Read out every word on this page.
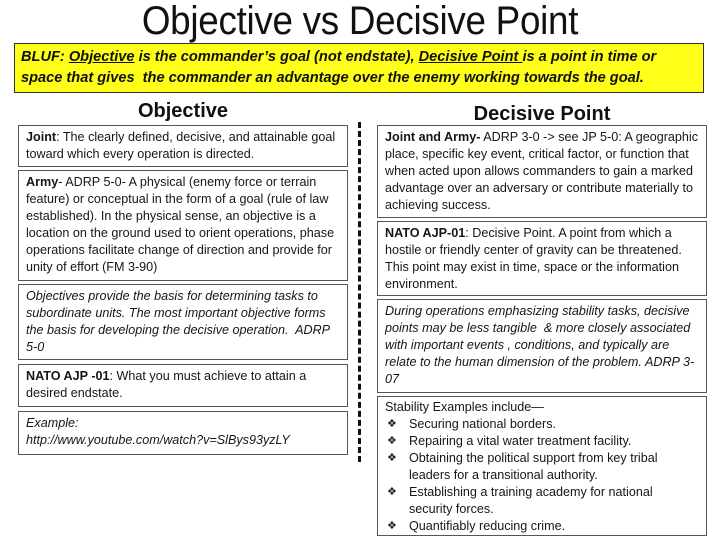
Objective vs Decisive Point
BLUF: Objective is the commander’s goal (not endstate), Decisive Point is a point in time or
space that gives  the commander an advantage over the enemy working towards the goal.
Objective
Joint: The clearly defined, decisive, and attainable goal toward which every operation is directed.
Army- ADRP 5-0- A physical (enemy force or terrain feature) or conceptual in the form of a goal (rule of law established). In the physical sense, an objective is a location on the ground used to orient operations, phase operations facilitate change of direction and provide for unity of effort (FM 3-90)
Objectives provide the basis for determining tasks to subordinate units. The most important objective forms the basis for developing the decisive operation.  ADRP 5-0
NATO AJP -01: What you must achieve to attain a desired endstate.
Example:
http://www.youtube.com/watch?v=SlBys93yzLY
Decisive Point
Joint and Army- ADRP 3-0 -> see JP 5-0: A geographic place, specific key event, critical factor, or function that when acted upon allows commanders to gain a marked advantage over an adversary or contribute materially to achieving success.
NATO AJP-01: Decisive Point. A point from which a hostile or friendly center of gravity can be threatened. This point may exist in time, space or the information environment.
During operations emphasizing stability tasks, decisive points may be less tangible  & more closely associated with important events , conditions, and typically are relate to the human dimension of the problem. ADRP 3-07
Stability Examples include—
❖ Securing national borders.
❖ Repairing a vital water treatment facility.
❖ Obtaining the political support from key tribal leaders for a transitional authority.
❖ Establishing a training academy for national security forces.
❖ Quantifiably reducing crime.
